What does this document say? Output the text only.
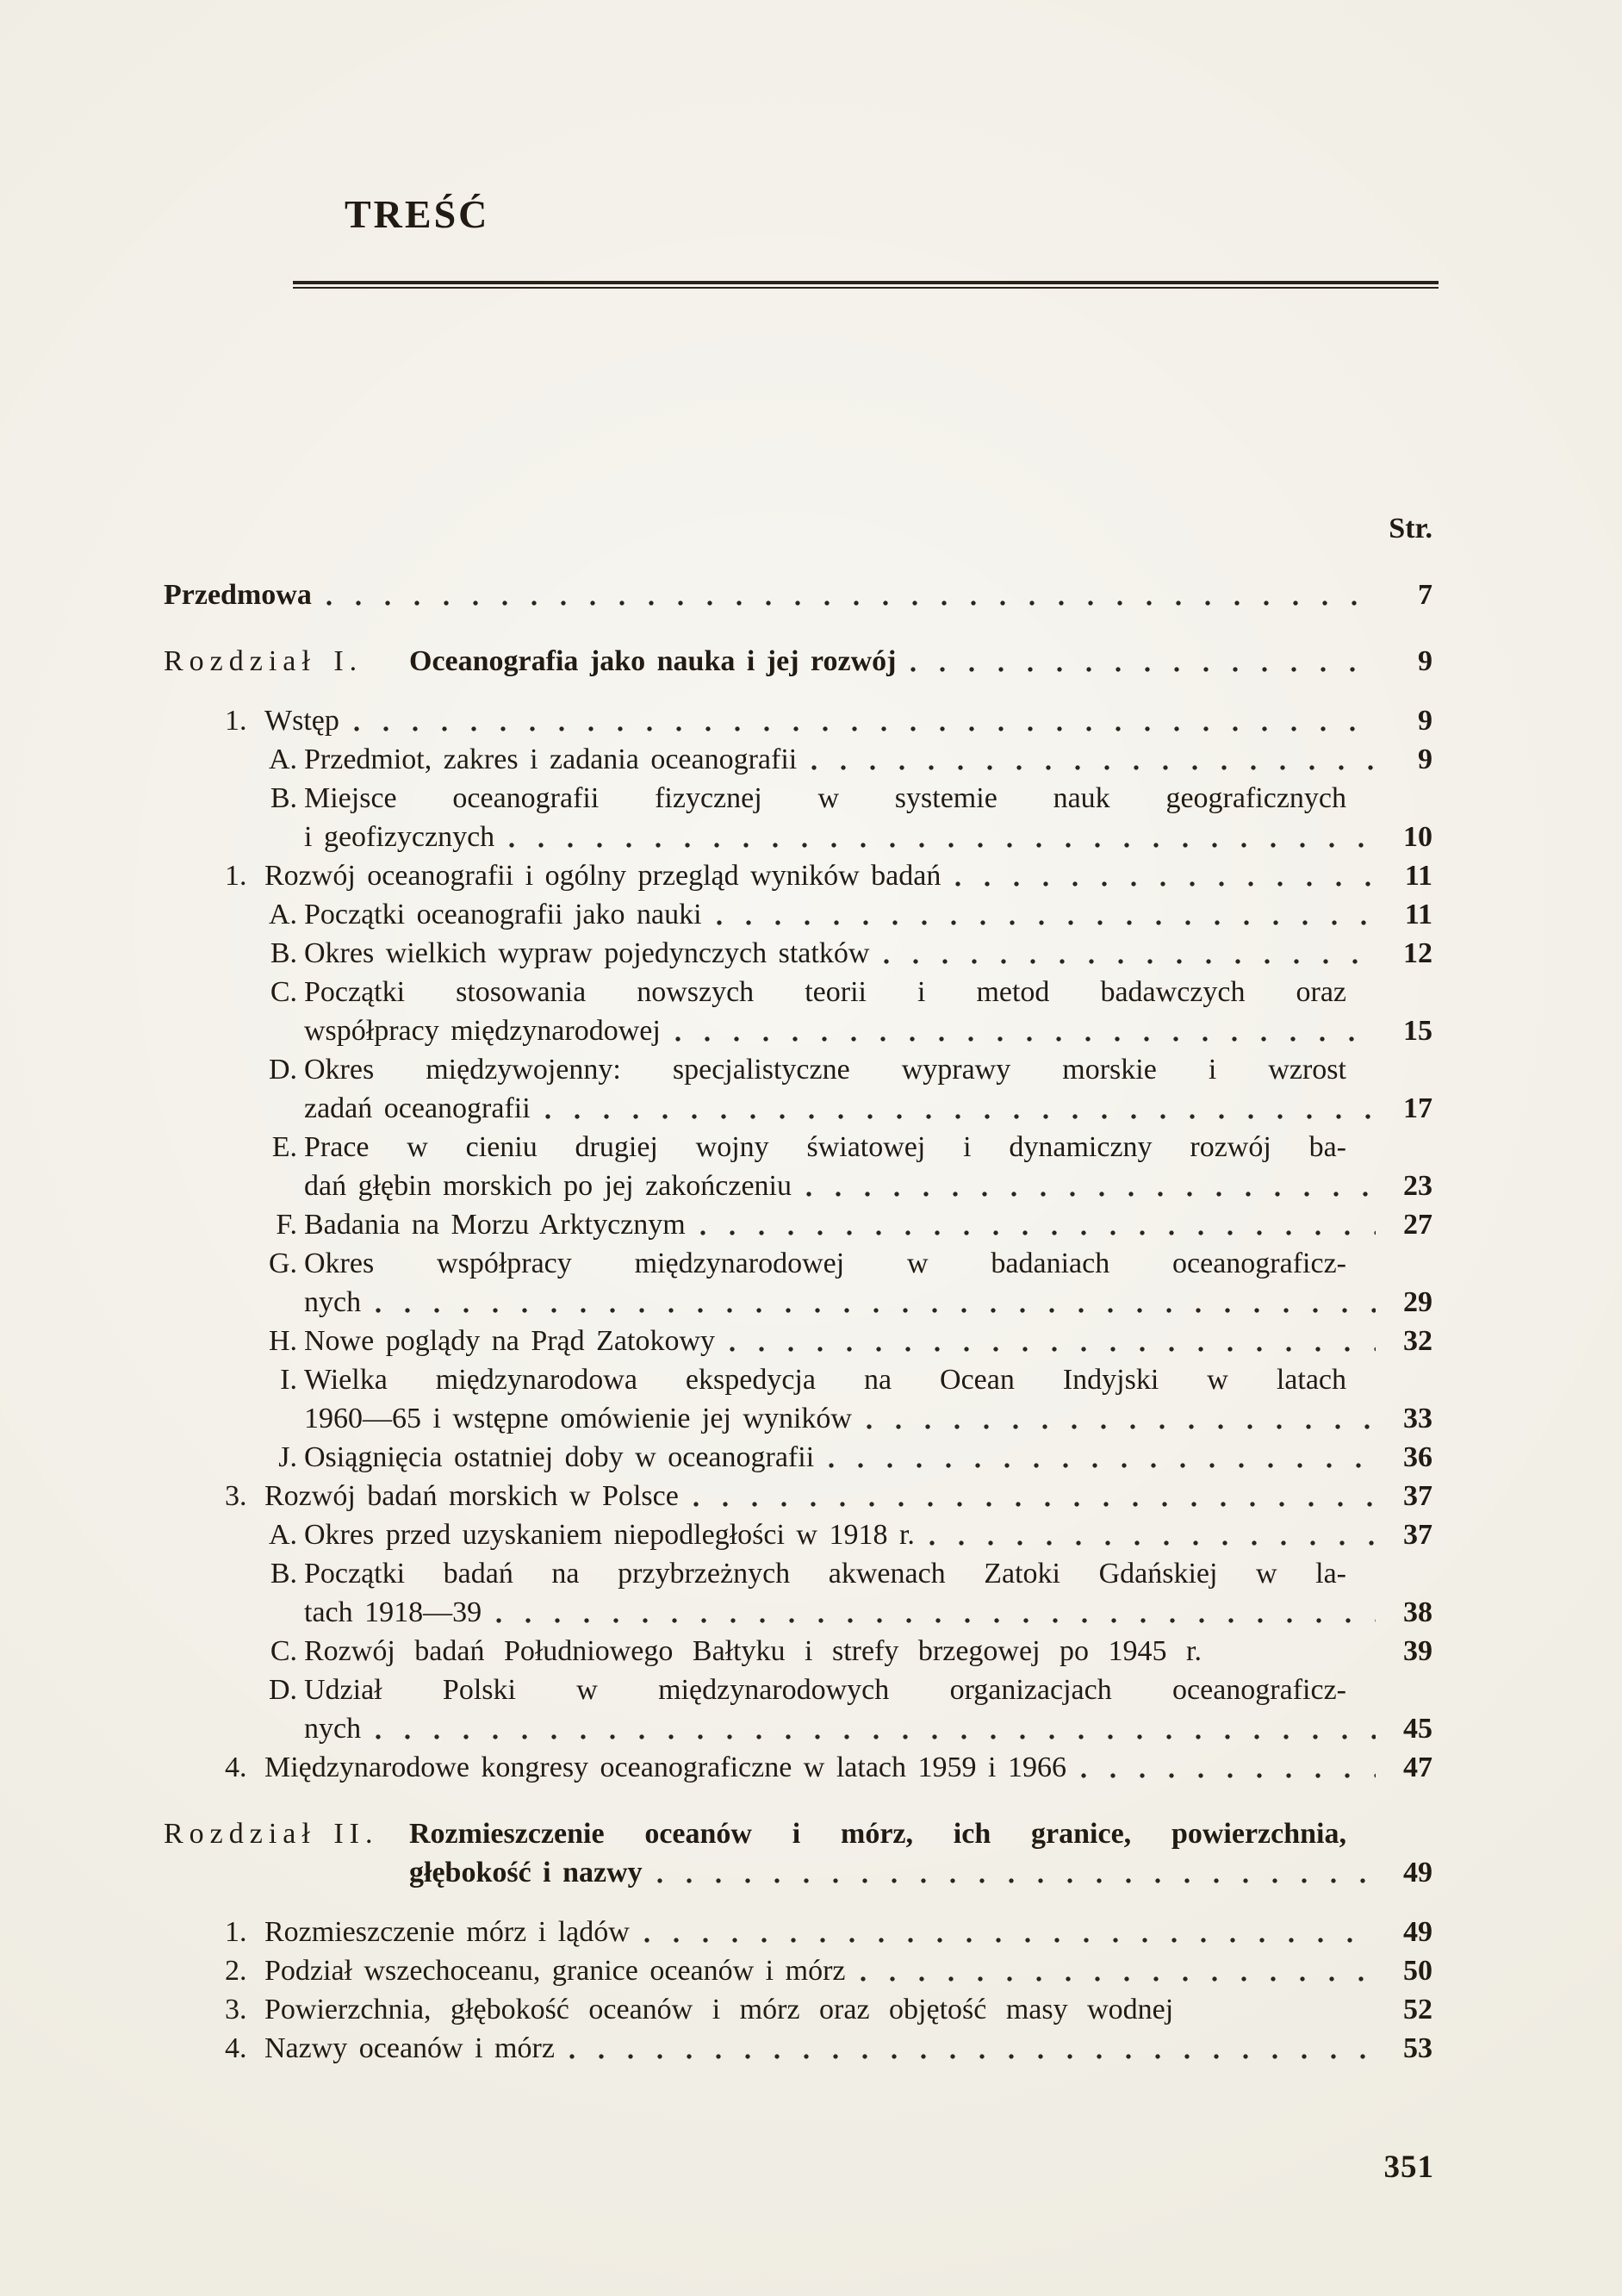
TREŚĆ
Str.
Przedmowa	7
Rozdział I. Oceanografia jako nauka i jej rozwój	9
1. Wstęp	9
A. Przedmiot, zakres i zadania oceanografii	9
B. Miejsce oceanografii fizycznej w systemie nauk geograficznych
i geofizycznych	10
1. Rozwój oceanografii i ogólny przegląd wyników badań	11
A. Początki oceanografii jako nauki	11
B. Okres wielkich wypraw pojedynczych statków	12
C. Początki stosowania nowszych teorii i metod badawczych oraz
współpracy międzynarodowej	15
D. Okres międzywojenny: specjalistyczne wyprawy morskie i wzrost
zadań oceanografii	17
E. Prace w cieniu drugiej wojny światowej i dynamiczny rozwój ba-
dań głębin morskich po jej zakończeniu	23
F. Badania na Morzu Arktycznym	27
G. Okres współpracy międzynarodowej w badaniach oceanograficz-
nych	29
H. Nowe poglądy na Prąd Zatokowy	32
I. Wielka międzynarodowa ekspedycja na Ocean Indyjski w latach
1960—65 i wstępne omówienie jej wyników	33
J. Osiągnięcia ostatniej doby w oceanografii	36
3. Rozwój badań morskich w Polsce	37
A. Okres przed uzyskaniem niepodległości w 1918 r.	37
B. Początki badań na przybrzeżnych akwenach Zatoki Gdańskiej w la-
tach 1918—39	38
C. Rozwój badań Południowego Bałtyku i strefy brzegowej po 1945 r.	39
D. Udział Polski w międzynarodowych organizacjach oceanograficz-
nych	45
4. Międzynarodowe kongresy oceanograficzne w latach 1959 i 1966	47
Rozdział II. Rozmieszczenie oceanów i mórz, ich granice, powierzchnia,
głębokość i nazwy	49
1. Rozmieszczenie mórz i lądów	49
2. Podział wszechoceanu, granice oceanów i mórz	50
3. Powierzchnia, głębokość oceanów i mórz oraz objętość masy wodnej	52
4. Nazwy oceanów i mórz	53
351
